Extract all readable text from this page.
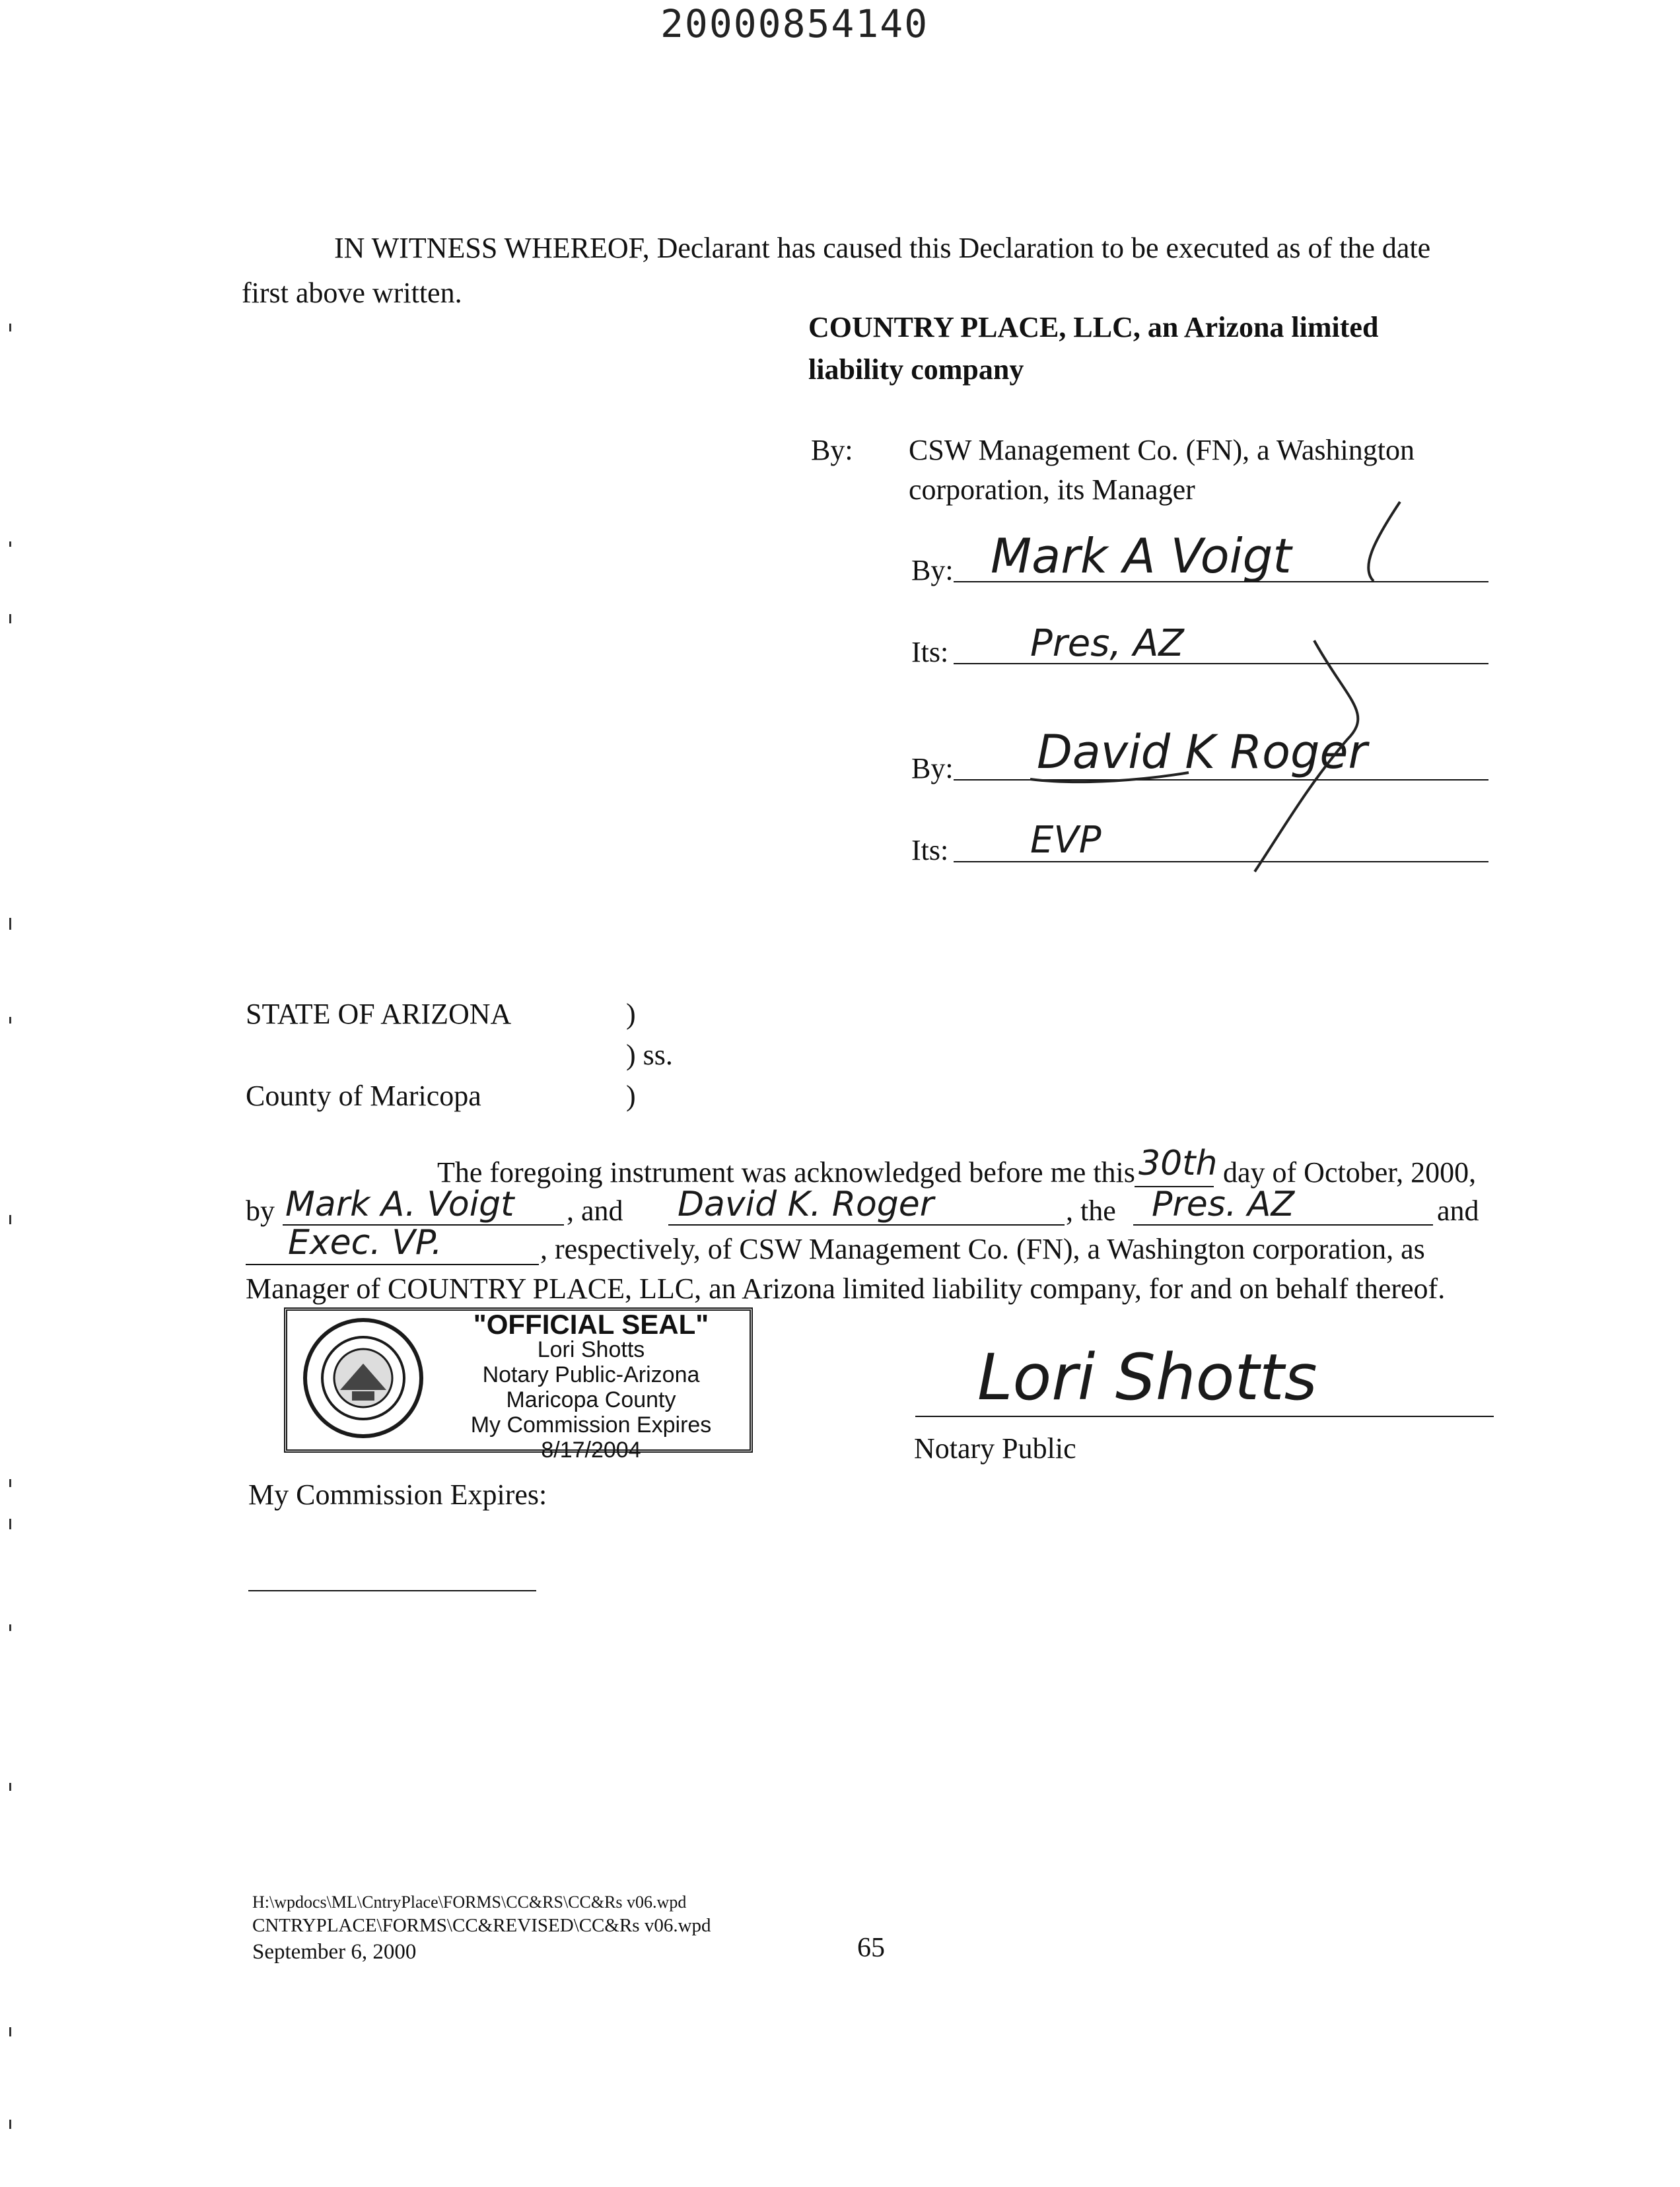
20000854140
IN WITNESS WHEREOF, Declarant has caused this Declaration to be executed as of the date
first above written.
COUNTRY PLACE, LLC, an Arizona limited
liability company
By: CSW Management Co. (FN), a Washington
corporation, its Manager
By: Mark A Voigt
Its: Pres, AZ
By: David K Roger
Its: EVP
STATE OF ARIZONA	)
) ss.
County of Maricopa	)
The foregoing instrument was acknowledged before me this 30th day of October, 2000,
by Mark A. Voigt , and David K. Roger	, the Pres. AZ	and
Exec. VP.	, respectively, of CSW Management Co. (FN), a Washington corporation, as
Manager of COUNTRY PLACE, LLC, an Arizona limited liability company, for and on behalf thereof.
"OFFICIAL SEAL"
Lori Shotts
Notary Public-Arizona
Maricopa County
My Commission Expires 8/17/2004
Lori Shotts
Notary Public
My Commission Expires:
H:\wpdocs\ML\CntryPlace\FORMS\CC&RS\CC&Rs v06.wpd
CNTRYPLACE\FORMS\CC&REVISED\CC&Rs v06.wpd
September 6, 2000	65
